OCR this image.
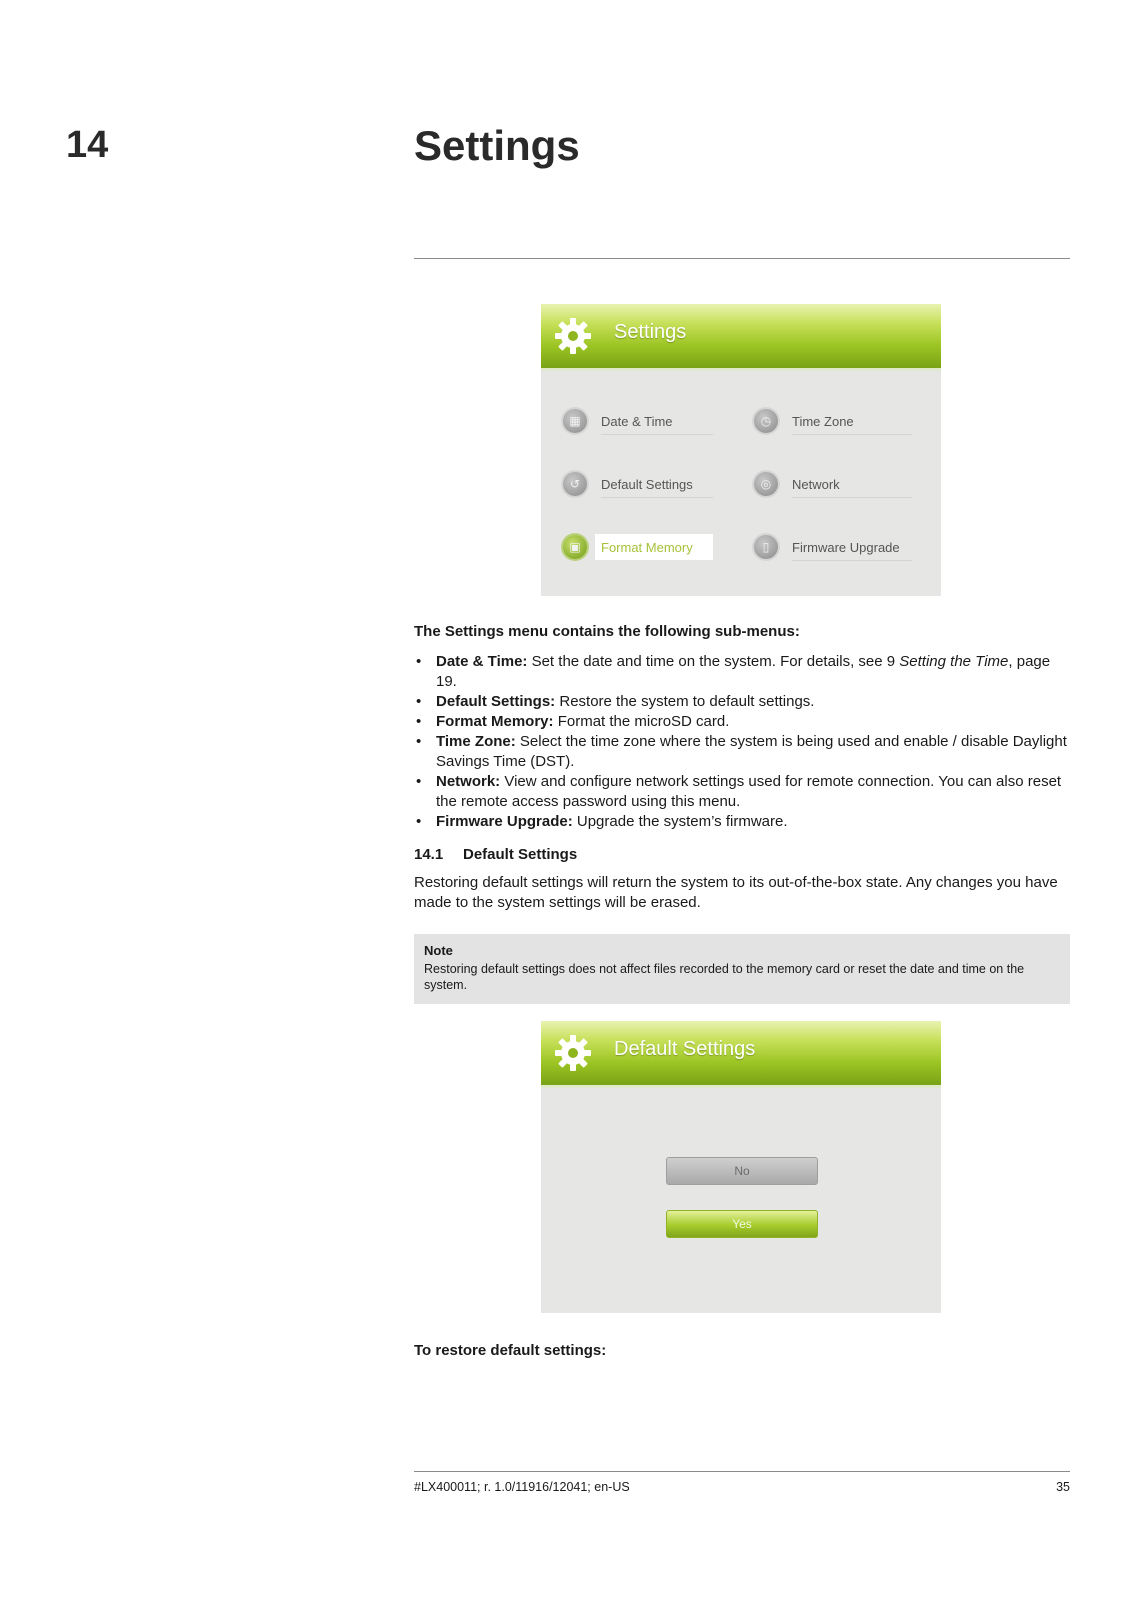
14	Settings
Settings
▦	Date & Time	◷	Time Zone
↺	Default Settings	◎	Network
▣	Format Memory	▯	Firmware Upgrade

The Settings menu contains the following sub-menus:

• Date & Time: Set the date and time on the system. For details, see 9 Setting the Time, page 19.
• Default Settings: Restore the system to default settings.
• Format Memory: Format the microSD card.
• Time Zone: Select the time zone where the system is being used and enable / disable Daylight Savings Time (DST).
• Network: View and configure network settings used for remote connection. You can also reset the remote access password using this menu.
• Firmware Upgrade: Upgrade the system’s firmware.
14.1 Default Settings

Restoring default settings will return the system to its out-of-the-box state. Any changes you have made to the system settings will be erased.

Note
Restoring default settings does not affect files recorded to the memory card or reset the date and time on the system.
Default Settings
No
Yes
To restore default settings:
#LX400011; r. 1.0/11916/12041; en-US	35
